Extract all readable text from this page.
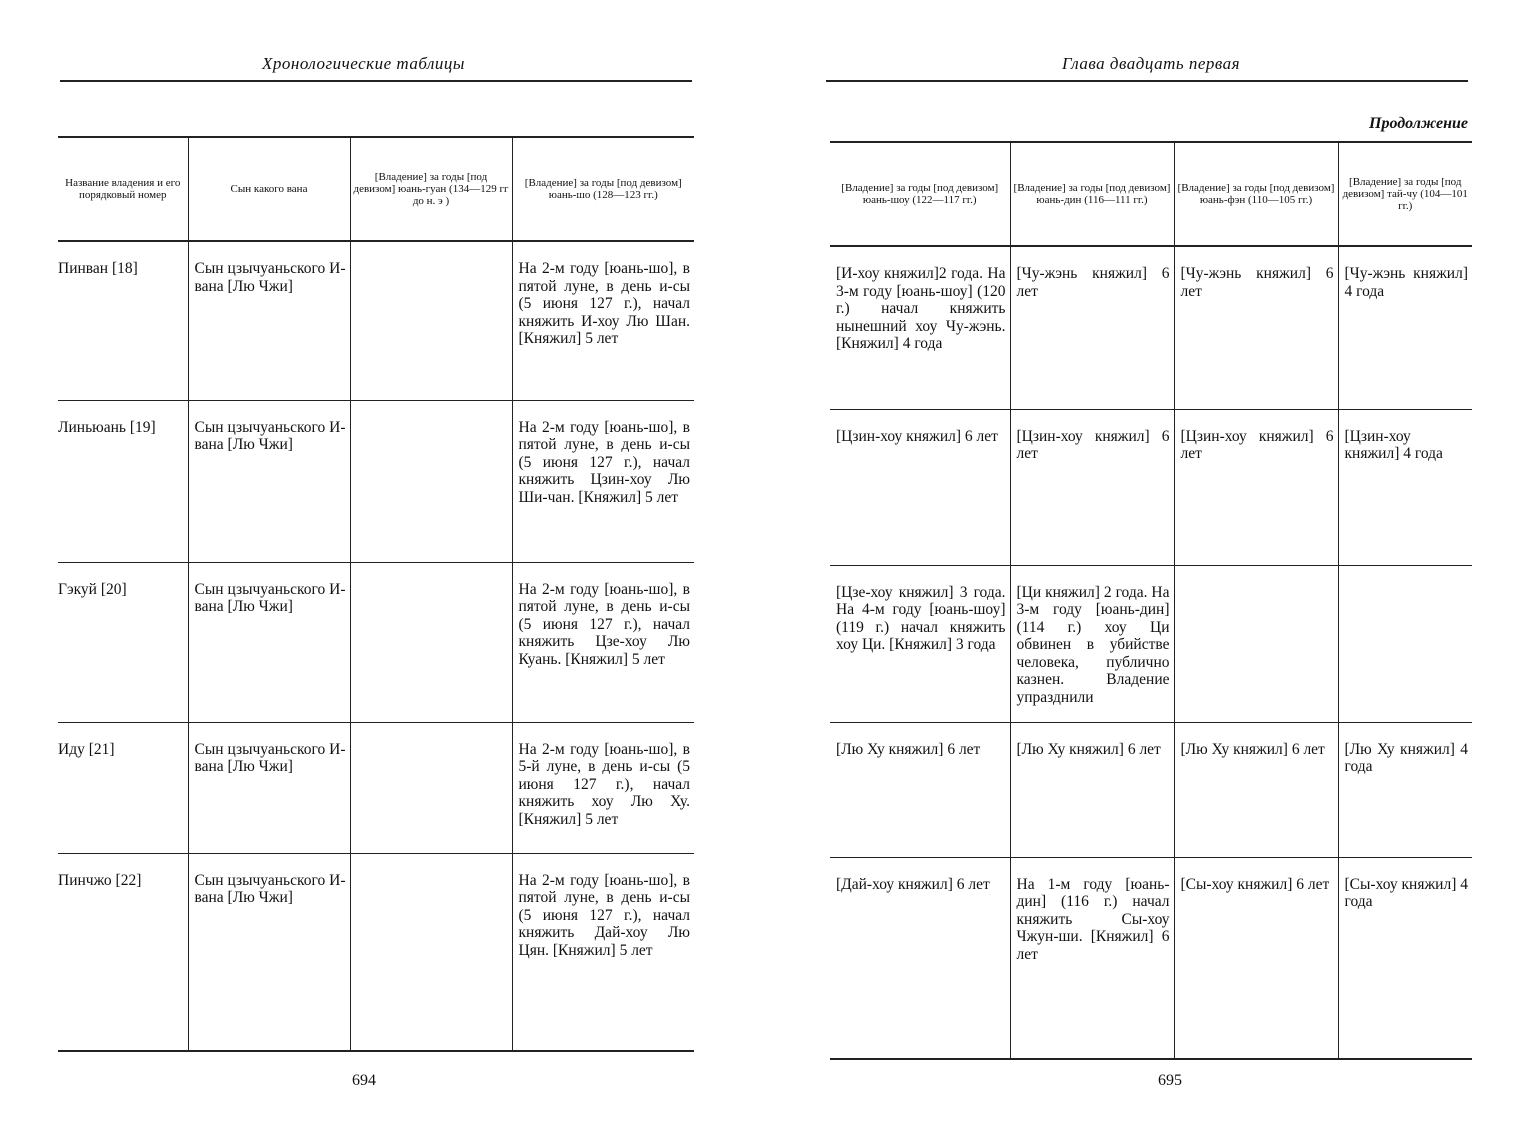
Хронологические таблицы
Название владения и его порядковый номер	Сын какого вана	[Владение] за годы [под девизом] юань-гуан (134—129 гг до н. э )	[Владение] за годы [под девизом] юань-шо (128—123 гг.)

Пинван [18]	Сын цзычуаньского И-вана [Лю Чжи]		На 2-м году [юань-шо], в пятой луне, в день и-сы (5 июня 127 г.), начал княжить И-хоу Лю Шан. [Княжил] 5 лет

Линьюань [19]	Сын цзычуаньского И-вана [Лю Чжи]		На 2-м году [юань-шо], в пятой луне, в день и-сы (5 июня 127 г.), начал княжить Цзин-хоу Лю Ши-чан. [Княжил] 5 лет

Гэкуй [20]	Сын цзычуаньского И-вана [Лю Чжи]		На 2-м году [юань-шо], в пятой луне, в день и-сы (5 июня 127 г.), начал княжить Цзе-хоу Лю Куань. [Княжил] 5 лет

Иду [21]	Сын цзычуаньского И-вана [Лю Чжи]		На 2-м году [юань-шо], в 5-й луне, в день и-сы (5 июня 127 г.), начал княжить хоу Лю Ху. [Княжил] 5 лет

Пинчжо [22]	Сын цзычуаньского И-вана [Лю Чжи]		На 2-м году [юань-шо], в пятой луне, в день и-сы (5 июня 127 г.), начал княжить Дай-хоу Лю Цян. [Княжил] 5 лет
694
Глава двадцать первая
Продолжение
[Владение] за годы [под девизом] юань-шоу (122—117 гг.)	[Владение] за годы [под девизом] юань-дин (116—111 гг.)	[Владение] за годы [под девизом] юань-фэн (110—105 гг.)	[Владение] за годы [под девизом] тай-чу (104—101 гг.)

[И-хоу княжил]2 года. На 3-м году [юань-шоу] (120 г.) начал княжить нынешний хоу Чу-жэнь. [Княжил] 4 года	[Чу-жэнь княжил] 6 лет	[Чу-жэнь княжил] 6 лет	[Чу-жэнь княжил] 4 года

[Цзин-хоу княжил] 6 лет	[Цзин-хоу княжил] 6 лет	[Цзин-хоу княжил] 6 лет	[Цзин-хоу княжил] 4 года

[Цзе-хоу княжил] 3 года. На 4-м году [юань-шоу] (119 г.) начал княжить хоу Ци. [Княжил] 3 года	[Ци княжил] 2 года. На 3-м году [юань-дин] (114 г.) хоу Ци обвинен в убийстве человека, публично казнен. Владение упразднили		

[Лю Ху княжил] 6 лет	[Лю Ху княжил] 6 лет	[Лю Ху княжил] 6 лет	[Лю Ху княжил] 4 года

[Дай-хоу княжил] 6 лет	На 1-м году [юань-дин] (116 г.) начал княжить Сы-хоу Чжун-ши. [Княжил] 6 лет	[Сы-хоу княжил] 6 лет	[Сы-хоу княжил] 4 года
695
